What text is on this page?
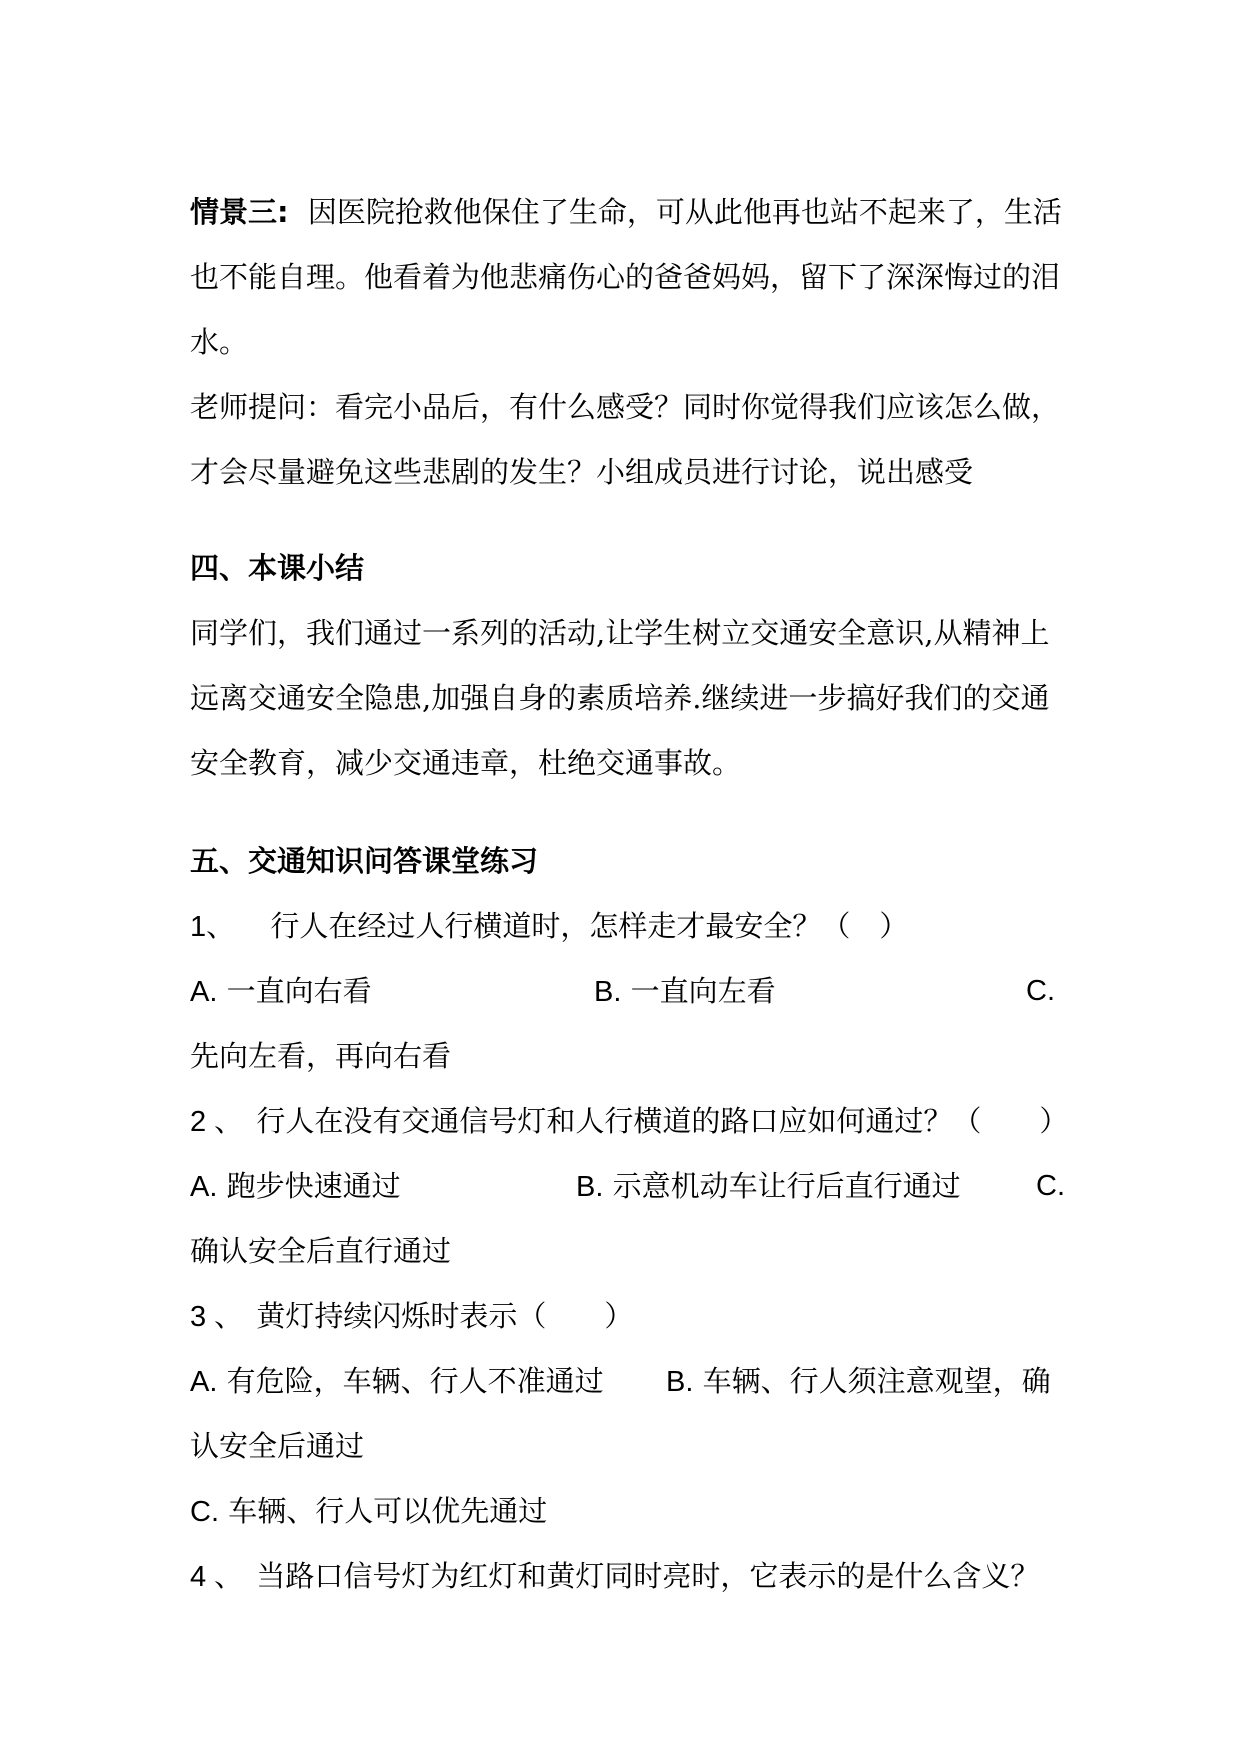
情景三: 因医院抢救他保住了生命，可从此他再也站不起来了，生活
也不能自理。他看着为他悲痛伤心的爸爸妈妈，留下了深深悔过的泪
水。
老师提问：看完小品后，有什么感受？同时你觉得我们应该怎么做，
才会尽量避免这些悲剧的发生？小组成员进行讨论，说出感受
四、本课小结
同学们，我们通过一系列的活动,让学生树立交通安全意识,从精神上
远离交通安全隐患,加强自身的素质培养.继续进一步搞好我们的交通
安全教育，减少交通违章，杜绝交通事故。
五、交通知识问答课堂练习
1、 行人在经过人行横道时，怎样走才最安全？（　）
A. 一直向右看	B. 一直向左看	C.
先向左看，再向右看
2 、 行人在没有交通信号灯和人行横道的路口应如何通过？（　　）
A. 跑步快速通过	B. 示意机动车让行后直行通过	C.
确认安全后直行通过
3 、 黄灯持续闪烁时表示（　　）
A. 有危险，车辆、行人不准通过 B. 车辆、行人须注意观望，确
认安全后通过
C. 车辆、行人可以优先通过
4 、 当路口信号灯为红灯和黄灯同时亮时，它表示的是什么含义？
